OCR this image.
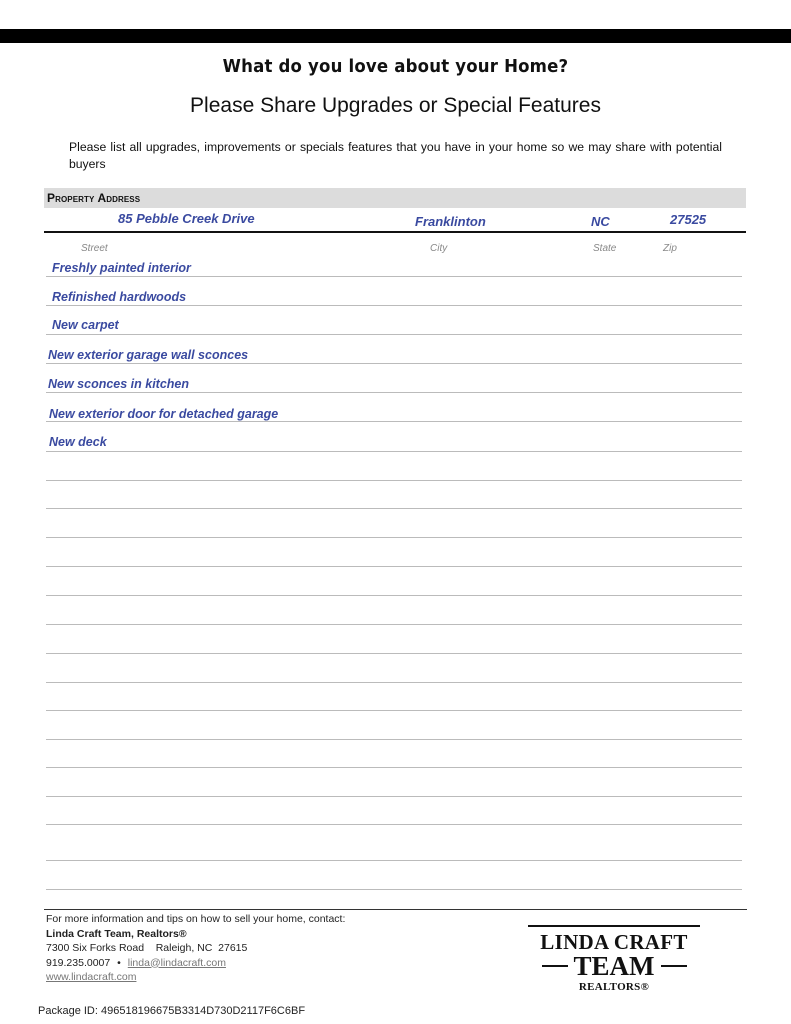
What do you love about your Home?
Please Share Upgrades or Special Features
Please list all upgrades, improvements or specials features that you have in your home so we may share with potential buyers
Property Address
85 Pebble Creek Drive	Franklinton	NC	27525
Street	City	State	Zip
Freshly painted interior
Refinished hardwoods
New carpet
New exterior garage wall sconces
New sconces in kitchen
New exterior door for detached garage
New deck
For more information and tips on how to sell your home, contact:
Linda Craft Team, Realtors®
7300 Six Forks Road    Raleigh, NC  27615
919.235.0007 • linda@lindacraft.com
www.lindacraft.com
LINDA CRAFT
TEAM
REALTORS®
Package ID: 496518196675B3314D730D2117F6C6BF
